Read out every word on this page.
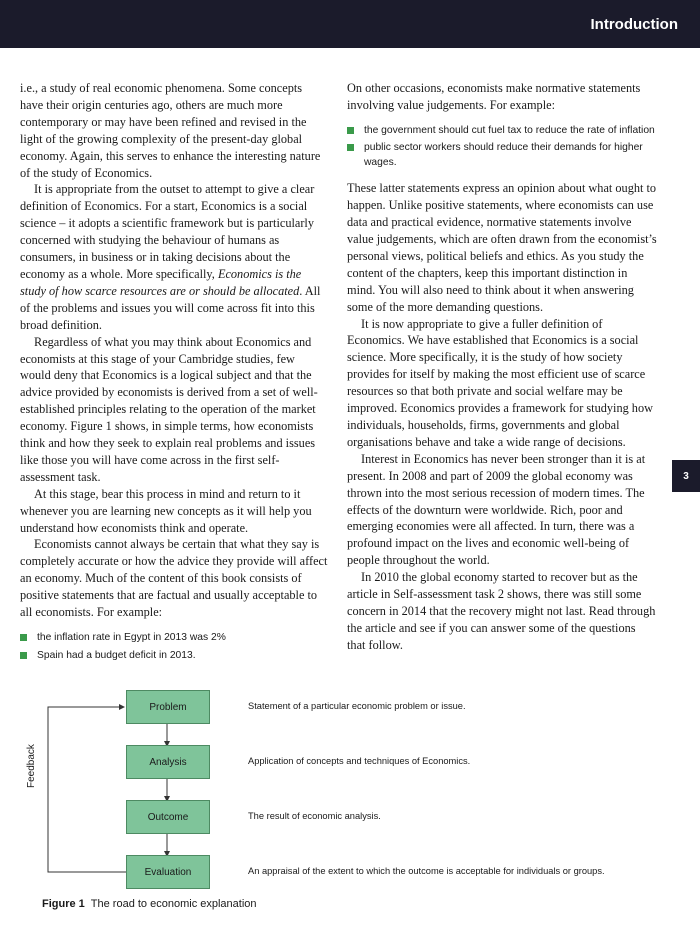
Introduction
3

i.e., a study of real economic phenomena. Some concepts have their origin centuries ago, others are much more contemporary or may have been refined and revised in the light of the growing complexity of the present-day global economy. Again, this serves to enhance the interesting nature of the study of Economics.

It is appropriate from the outset to attempt to give a clear definition of Economics. For a start, Economics is a social science – it adopts a scientific framework but is particularly concerned with studying the behaviour of humans as consumers, in business or in taking decisions about the economy as a whole. More specifically, Economics is the study of how scarce resources are or should be allocated. All of the problems and issues you will come across fit into this broad definition.

Regardless of what you may think about Economics and economists at this stage of your Cambridge studies, few would deny that Economics is a logical subject and that the advice provided by economists is derived from a set of well-established principles relating to the operation of the market economy. Figure 1 shows, in simple terms, how economists think and how they seek to explain real problems and issues like those you will have come across in the first self-assessment task.

At this stage, bear this process in mind and return to it whenever you are learning new concepts as it will help you understand how economists think and operate.

Economists cannot always be certain that what they say is completely accurate or how the advice they provide will affect an economy. Much of the content of this book consists of positive statements that are factual and usually acceptable to all economists. For example:

the inflation rate in Egypt in 2013 was 2%
Spain had a budget deficit in 2013.

On other occasions, economists make normative statements involving value judgements. For example:

the government should cut fuel tax to reduce the rate of inflation
public sector workers should reduce their demands for higher wages.

These latter statements express an opinion about what ought to happen. Unlike positive statements, where economists can use data and practical evidence, normative statements involve value judgements, which are often drawn from the economist’s personal views, political beliefs and ethics. As you study the content of the chapters, keep this important distinction in mind. You will also need to think about it when answering some of the more demanding questions.

It is now appropriate to give a fuller definition of Economics. We have established that Economics is a social science. More specifically, it is the study of how society provides for itself by making the most efficient use of scarce resources so that both private and social welfare may be improved. Economics provides a framework for studying how individuals, households, firms, governments and global organisations behave and take a wide range of decisions.

Interest in Economics has never been stronger than it is at present. In 2008 and part of 2009 the global economy was thrown into the most serious recession of modern times. The effects of the downturn were worldwide. Rich, poor and emerging economies were all affected. In turn, there was a profound impact on the lives and economic well-being of people throughout the world.

In 2010 the global economy started to recover but as the article in Self-assessment task 2 shows, there was still some concern in 2014 that the recovery might not last. Read through the article and see if you can answer some of the questions that follow.

Problem	Statement of a particular economic problem or issue.
Analysis	Application of concepts and techniques of Economics.
Outcome	The result of economic analysis.
Evaluation	An appraisal of the extent to which the outcome is acceptable for individuals or groups.
Feedback
Figure 1 The road to economic explanation
